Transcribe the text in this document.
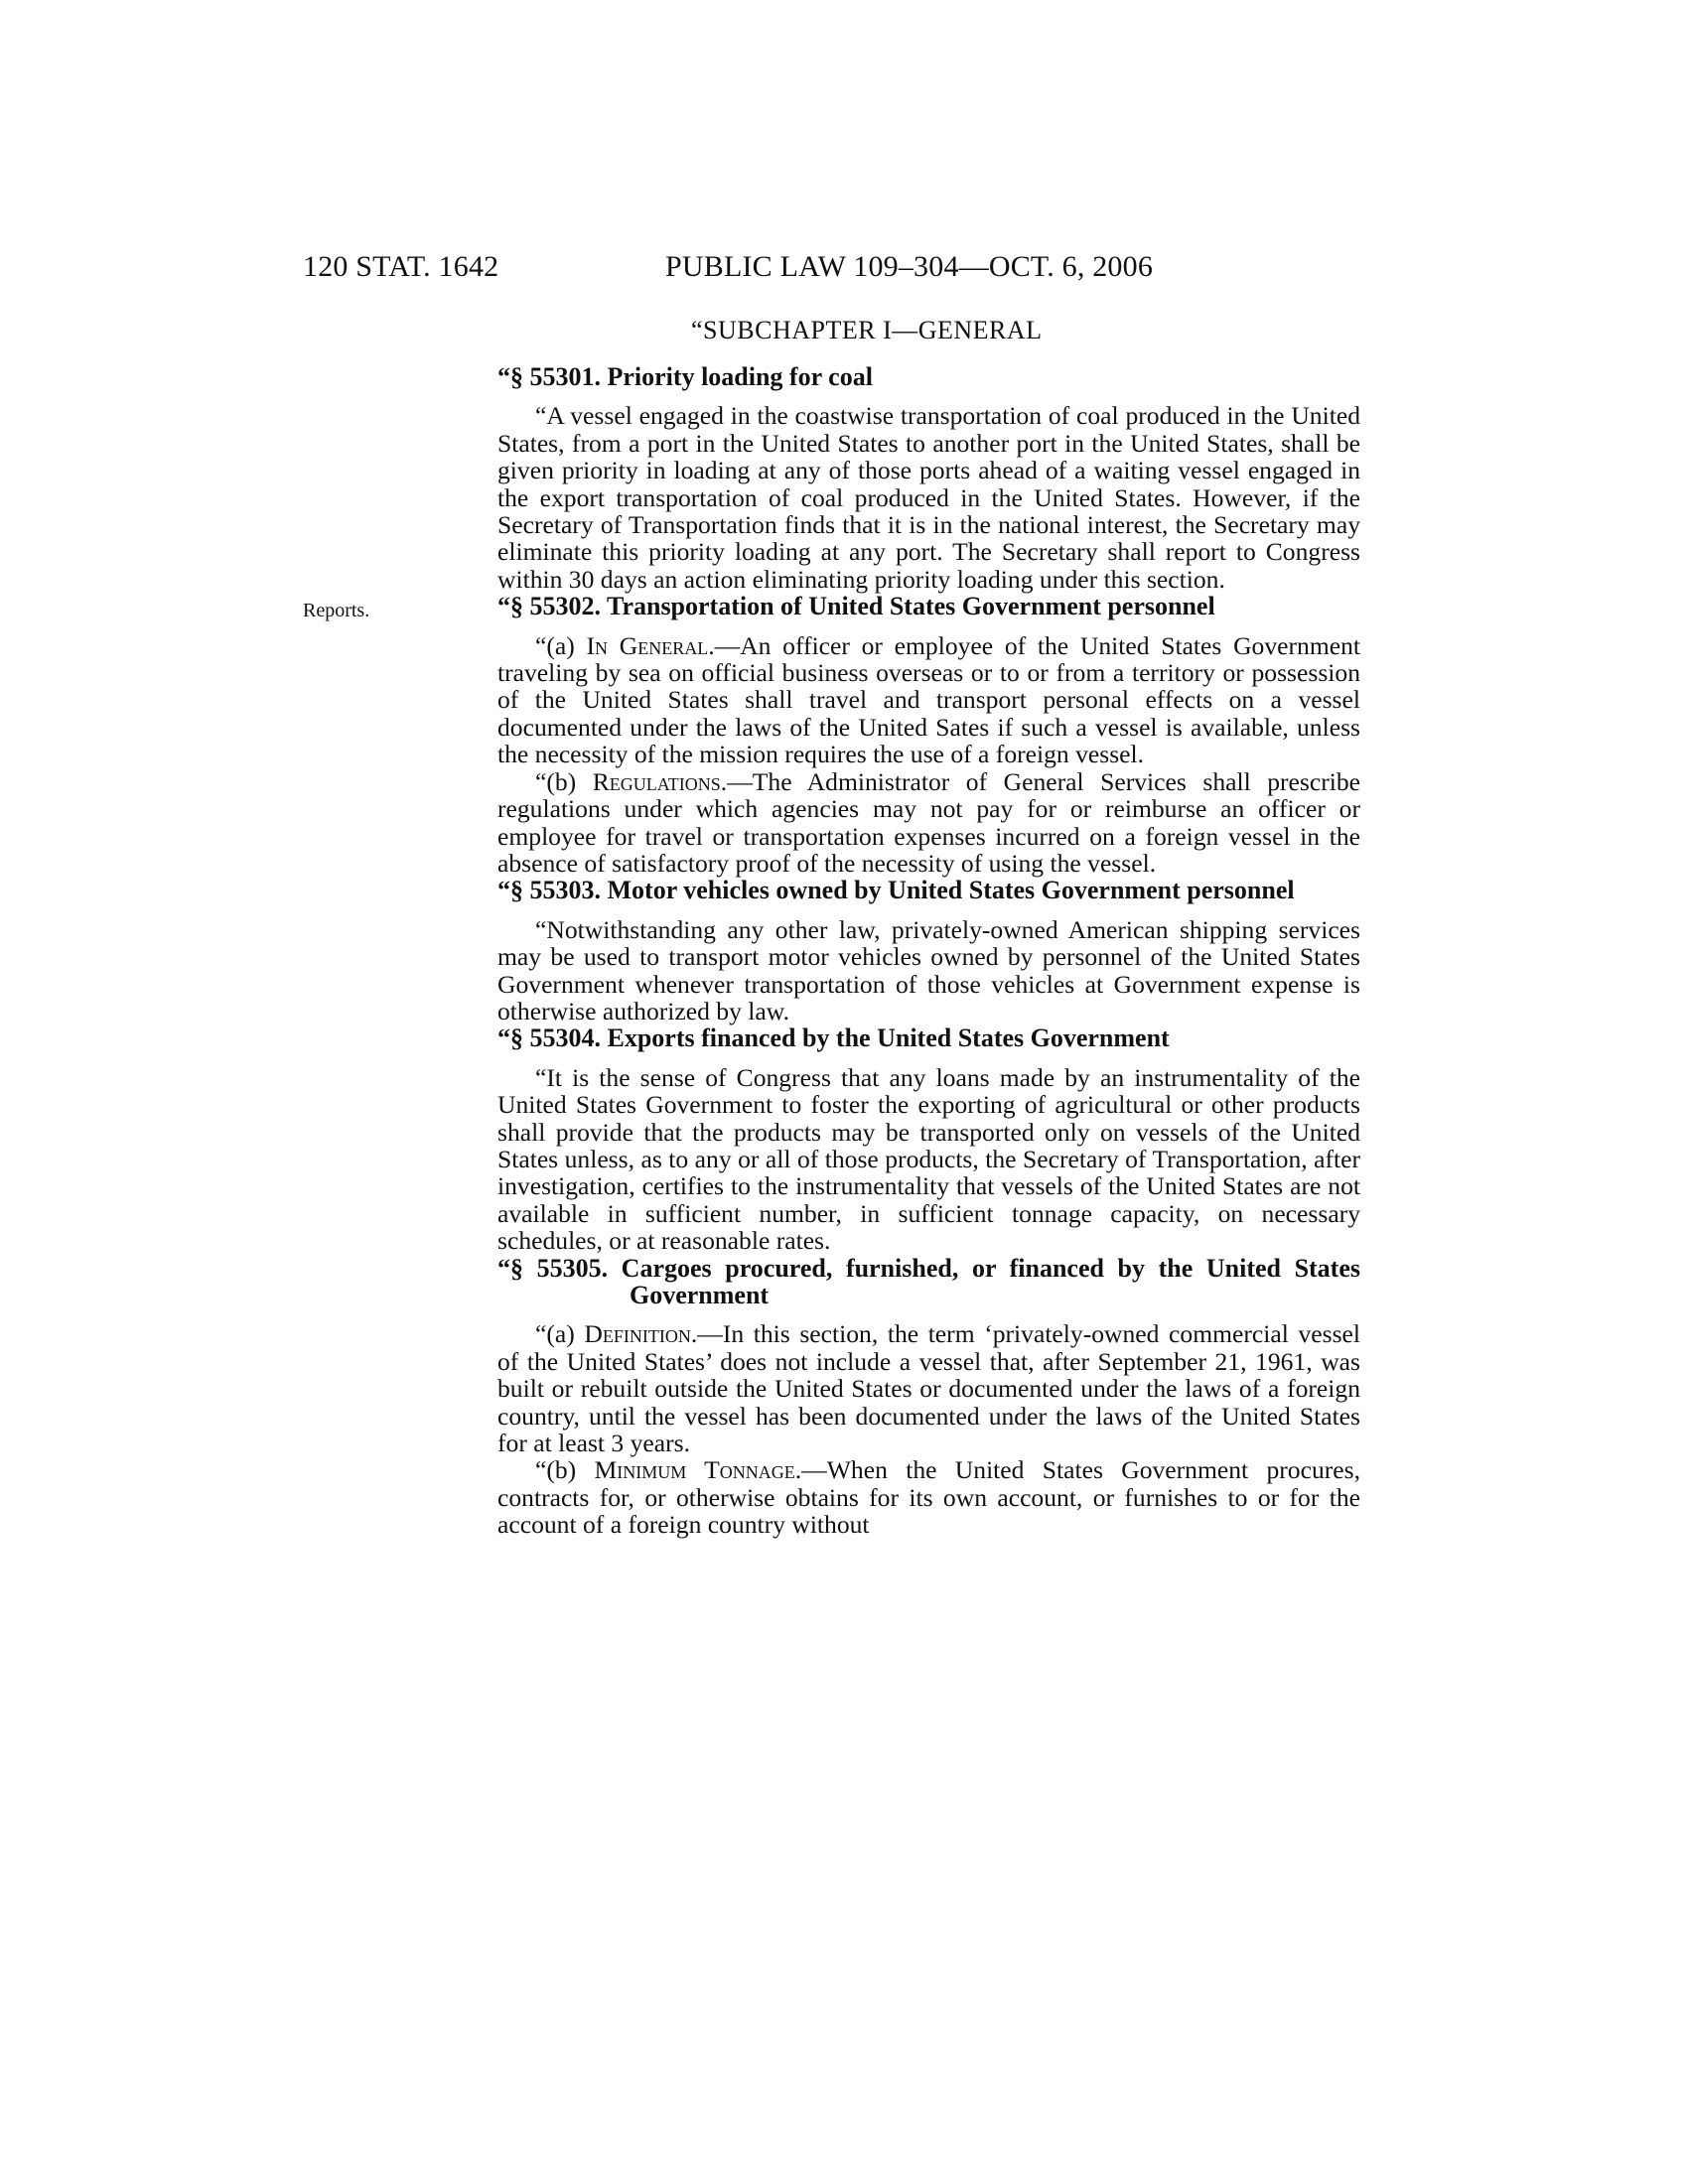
120 STAT. 1642	PUBLIC LAW 109–304—OCT. 6, 2006
“SUBCHAPTER I—GENERAL
Reports.
“§ 55301. Priority loading for coal

“A vessel engaged in the coastwise transportation of coal produced in the United States, from a port in the United States to another port in the United States, shall be given priority in loading at any of those ports ahead of a waiting vessel engaged in the export transportation of coal produced in the United States. However, if the Secretary of Transportation finds that it is in the national interest, the Secretary may eliminate this priority loading at any port. The Secretary shall report to Congress within 30 days an action eliminating priority loading under this section.

“§ 55302. Transportation of United States Government personnel

“(a) In General.—An officer or employee of the United States Government traveling by sea on official business overseas or to or from a territory or possession of the United States shall travel and transport personal effects on a vessel documented under the laws of the United Sates if such a vessel is available, unless the necessity of the mission requires the use of a foreign vessel.

“(b) Regulations.—The Administrator of General Services shall prescribe regulations under which agencies may not pay for or reimburse an officer or employee for travel or transportation expenses incurred on a foreign vessel in the absence of satisfactory proof of the necessity of using the vessel.

“§ 55303. Motor vehicles owned by United States Government personnel

“Notwithstanding any other law, privately-owned American shipping services may be used to transport motor vehicles owned by personnel of the United States Government whenever transportation of those vehicles at Government expense is otherwise authorized by law.

“§ 55304. Exports financed by the United States Government

“It is the sense of Congress that any loans made by an instrumentality of the United States Government to foster the exporting of agricultural or other products shall provide that the products may be transported only on vessels of the United States unless, as to any or all of those products, the Secretary of Transportation, after investigation, certifies to the instrumentality that vessels of the United States are not available in sufficient number, in sufficient tonnage capacity, on necessary schedules, or at reasonable rates.

“§ 55305. Cargoes procured, furnished, or financed by the United States Government

“(a) Definition.—In this section, the term ‘privately-owned commercial vessel of the United States’ does not include a vessel that, after September 21, 1961, was built or rebuilt outside the United States or documented under the laws of a foreign country, until the vessel has been documented under the laws of the United States for at least 3 years.

“(b) Minimum Tonnage.—When the United States Government procures, contracts for, or otherwise obtains for its own account, or furnishes to or for the account of a foreign country without
